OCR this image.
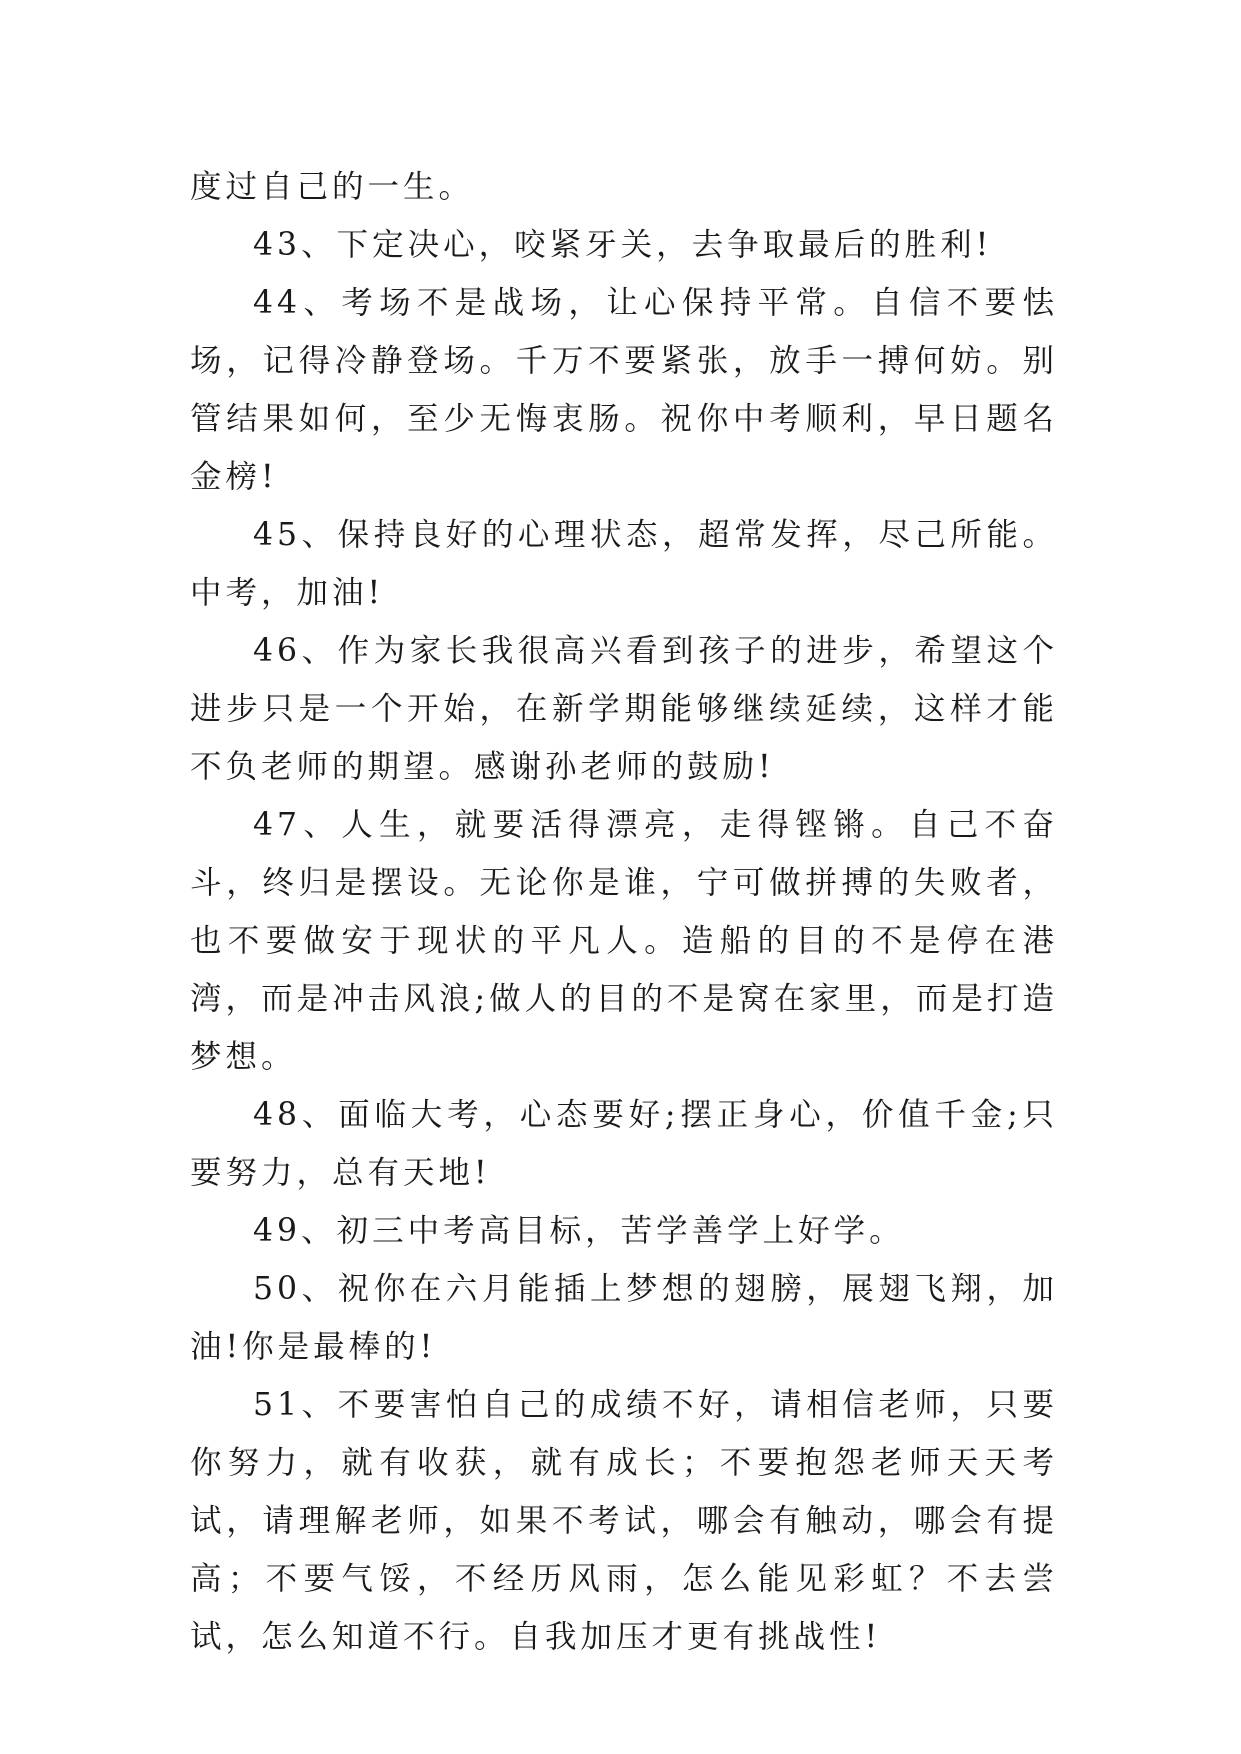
度过自己的一生。

43、下定决心，咬紧牙关，去争取最后的胜利!

44、考场不是战场，让心保持平常。自信不要怯场，记得冷静登场。千万不要紧张，放手一搏何妨。别管结果如何，至少无悔衷肠。祝你中考顺利，早日题名金榜!

45、保持良好的心理状态，超常发挥，尽己所能。中考，加油!

46、作为家长我很高兴看到孩子的进步，希望这个进步只是一个开始，在新学期能够继续延续，这样才能不负老师的期望。感谢孙老师的鼓励!

47、人生，就要活得漂亮，走得铿锵。自己不奋斗，终归是摆设。无论你是谁，宁可做拼搏的失败者，也不要做安于现状的平凡人。造船的目的不是停在港湾，而是冲击风浪;做人的目的不是窝在家里，而是打造梦想。

48、面临大考，心态要好;摆正身心，价值千金;只要努力，总有天地!

49、初三中考高目标，苦学善学上好学。

50、祝你在六月能插上梦想的翅膀，展翅飞翔，加油!你是最棒的!

51、不要害怕自己的成绩不好，请相信老师，只要你努力，就有收获，就有成长；不要抱怨老师天天考试，请理解老师，如果不考试，哪会有触动，哪会有提高；不要气馁，不经历风雨，怎么能见彩虹？不去尝试，怎么知道不行。自我加压才更有挑战性!
